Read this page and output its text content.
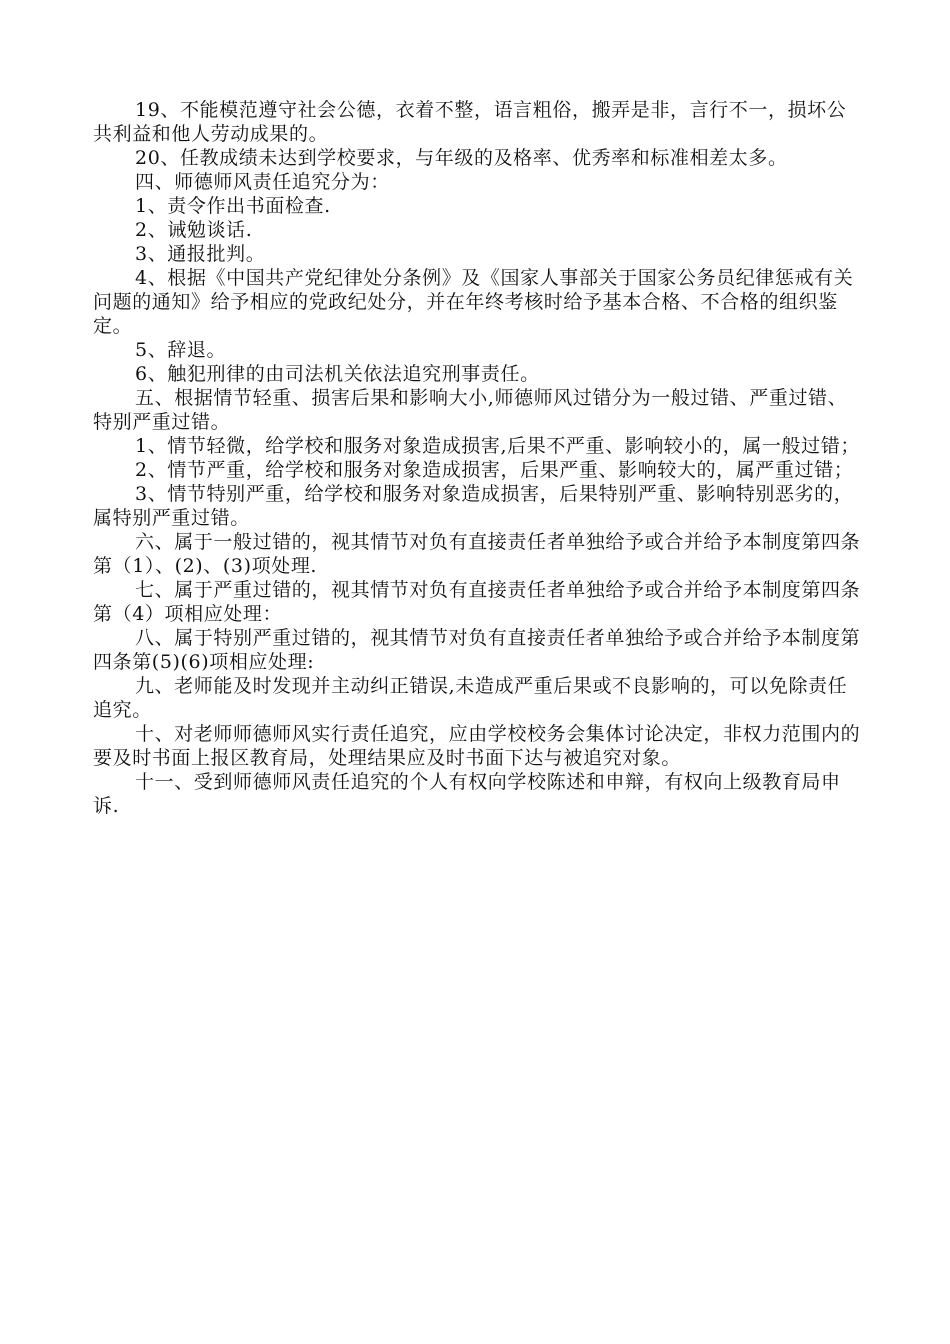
19、不能模范遵守社会公德，衣着不整，语言粗俗，搬弄是非，言行不一，损坏公共利益和他人劳动成果的。

20、任教成绩未达到学校要求，与年级的及格率、优秀率和标准相差太多。

四、师德师风责任追究分为：

1、责令作出书面检查.

2、诫勉谈话.

3、通报批判。

4、根据《中国共产党纪律处分条例》及《国家人事部关于国家公务员纪律惩戒有关问题的通知》给予相应的党政纪处分，并在年终考核时给予基本合格、不合格的组织鉴定。

5、辞退。

6、触犯刑律的由司法机关依法追究刑事责任。

五、根据情节轻重、损害后果和影响大小,师德师风过错分为一般过错、严重过错、特别严重过错。

1、情节轻微，给学校和服务对象造成损害,后果不严重、影响较小的，属一般过错；

2、情节严重，给学校和服务对象造成损害，后果严重、影响较大的，属严重过错；

3、情节特别严重，给学校和服务对象造成损害，后果特别严重、影响特别恶劣的，属特别严重过错。

六、属于一般过错的，视其情节对负有直接责任者单独给予或合并给予本制度第四条第（1）、(2)、(3)项处理.

七、属于严重过错的，视其情节对负有直接责任者单独给予或合并给予本制度第四条第（4）项相应处理：

八、属于特别严重过错的，视其情节对负有直接责任者单独给予或合并给予本制度第四条第(5)(6)项相应处理:

九、老师能及时发现并主动纠正错误,未造成严重后果或不良影响的，可以免除责任追究。

十、对老师师德师风实行责任追究，应由学校校务会集体讨论决定，非权力范围内的要及时书面上报区教育局，处理结果应及时书面下达与被追究对象。

十一、受到师德师风责任追究的个人有权向学校陈述和申辩，有权向上级教育局申诉.
